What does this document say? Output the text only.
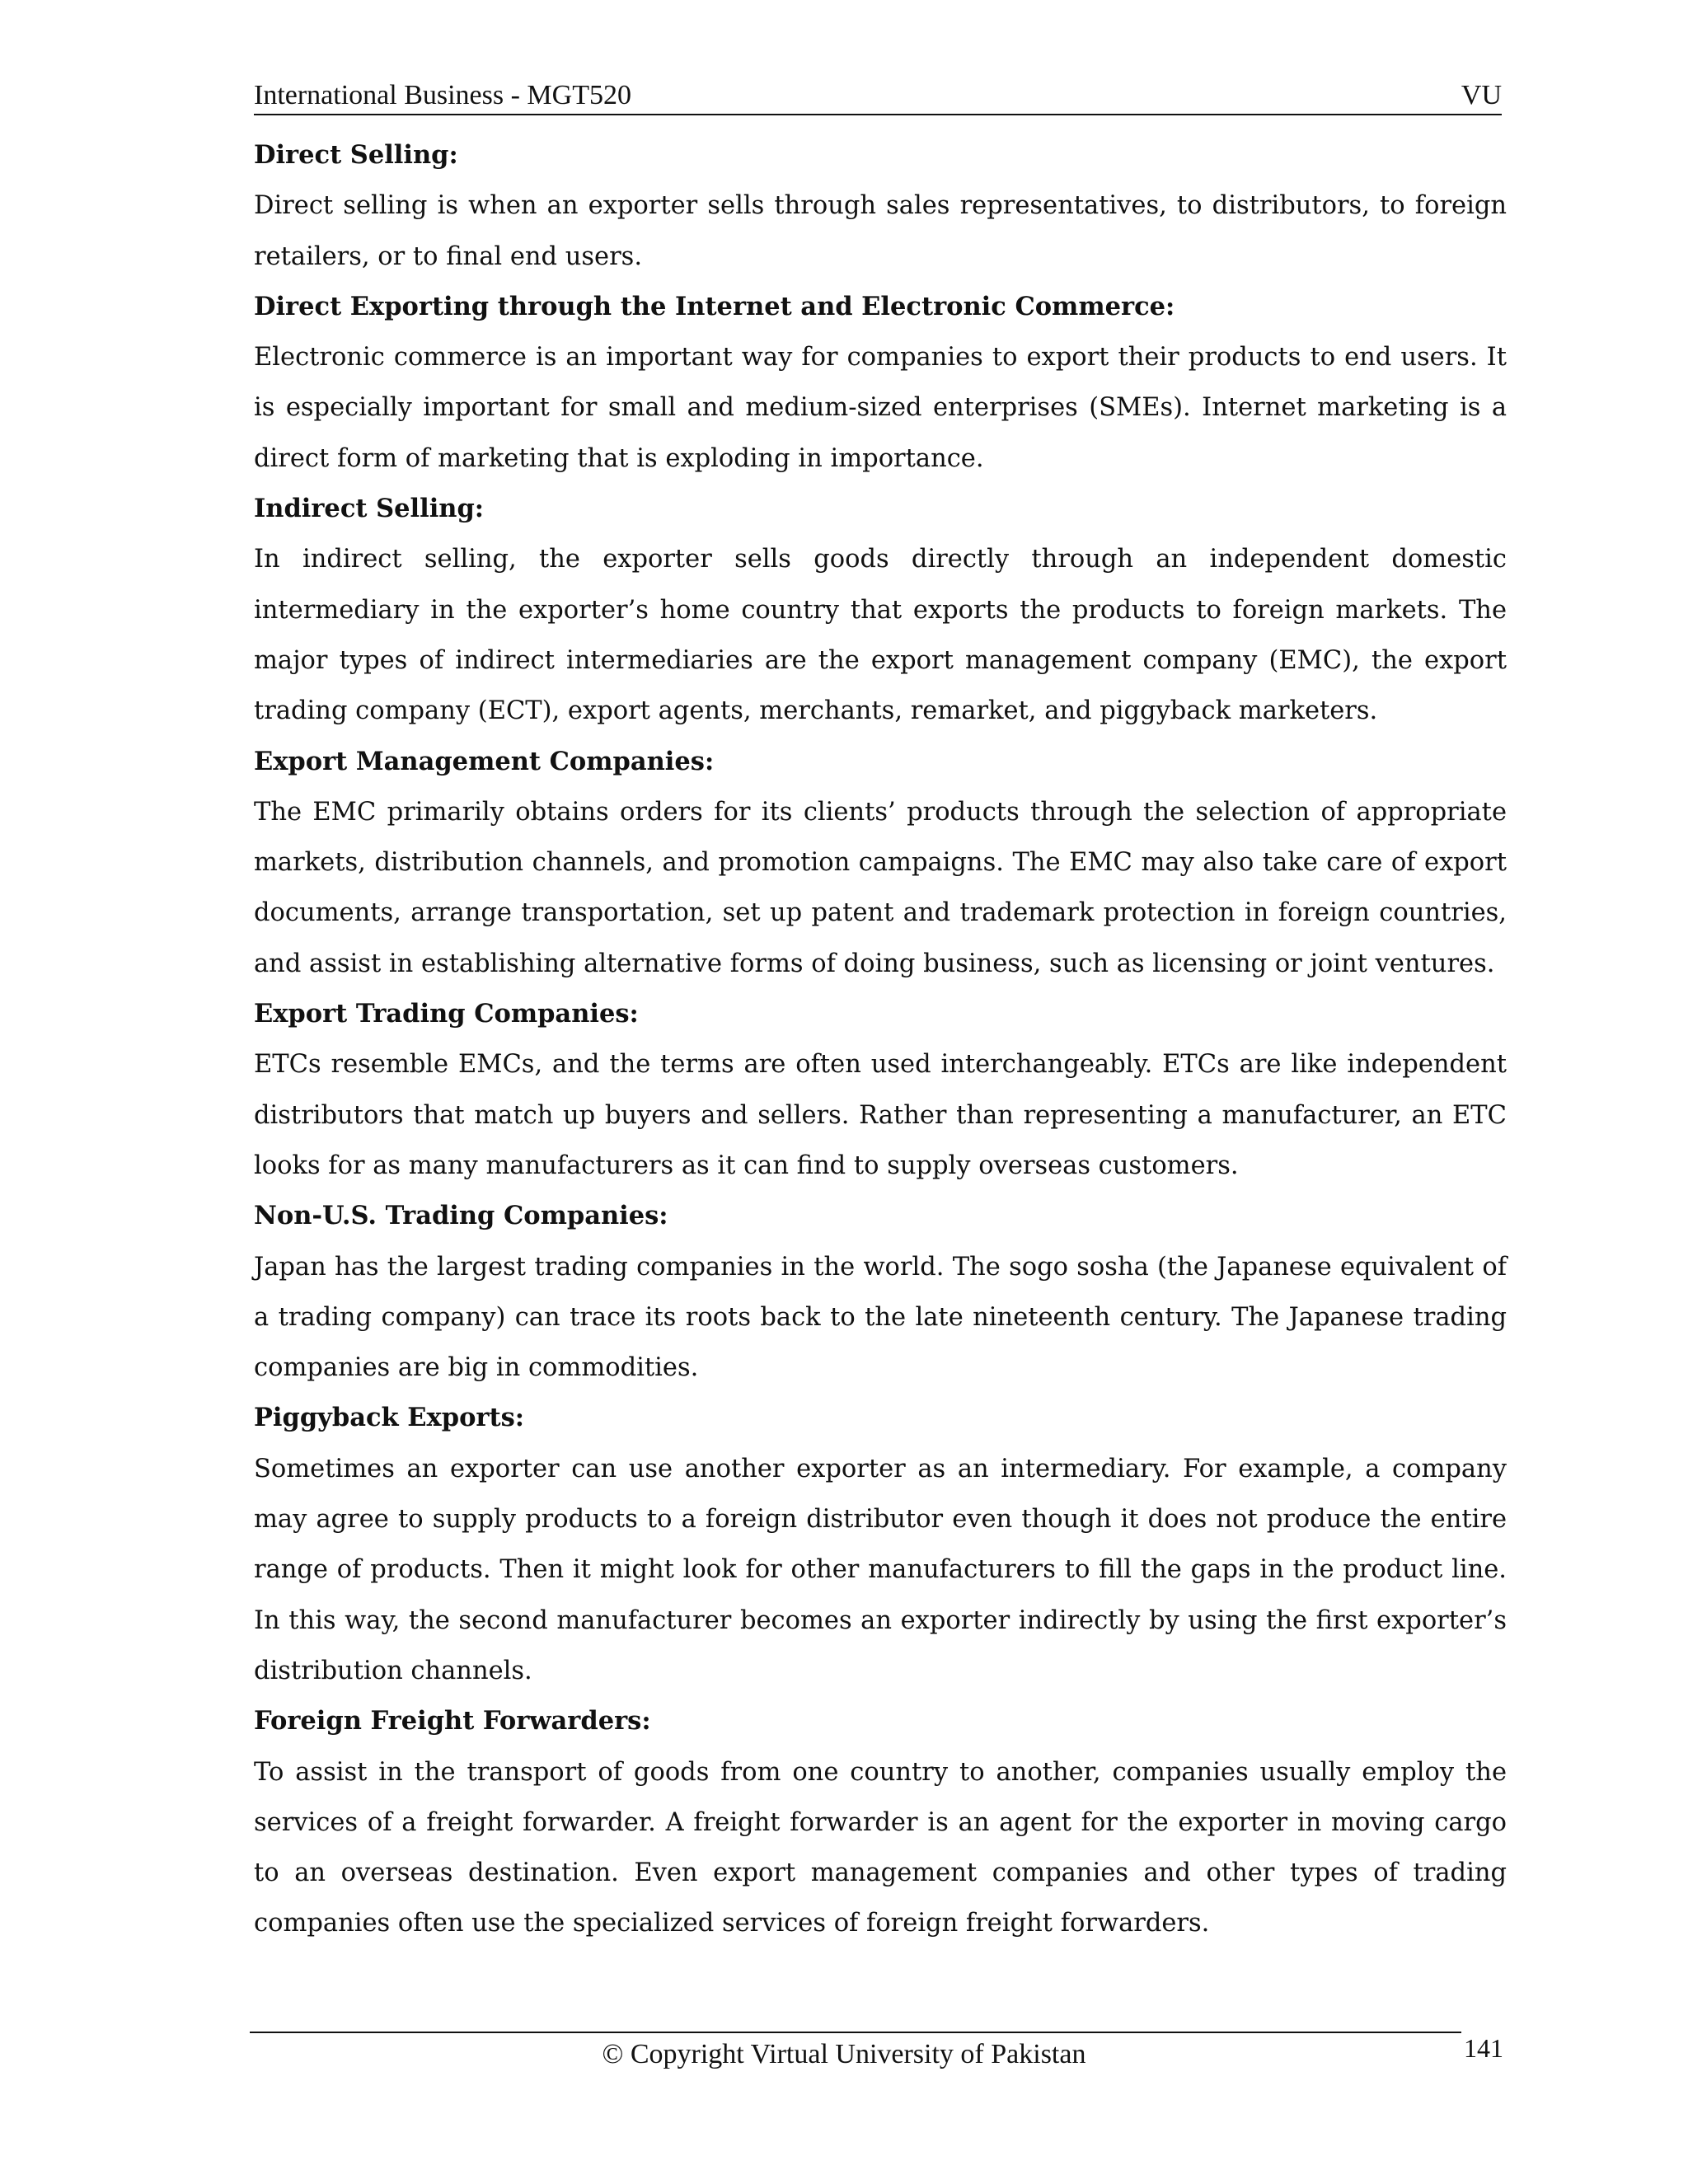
International Business - MGT520	VU
Direct Selling:

Direct selling is when an exporter sells through sales representatives, to distributors, to foreign retailers, or to final end users.

Direct Exporting through the Internet and Electronic Commerce:

Electronic commerce is an important way for companies to export their products to end users. It is especially important for small and medium-sized enterprises (SMEs). Internet marketing is a direct form of marketing that is exploding in importance.

Indirect Selling:

In indirect selling, the exporter sells goods directly through an independent domestic intermediary in the exporter’s home country that exports the products to foreign markets. The major types of indirect intermediaries are the export management company (EMC), the export trading company (ECT), export agents, merchants, remarket, and piggyback marketers.

Export Management Companies:

The EMC primarily obtains orders for its clients’ products through the selection of appropriate markets, distribution channels, and promotion campaigns. The EMC may also take care of export documents, arrange transportation, set up patent and trademark protection in foreign countries, and assist in establishing alternative forms of doing business, such as licensing or joint ventures.

Export Trading Companies:

ETCs resemble EMCs, and the terms are often used interchangeably. ETCs are like independent distributors that match up buyers and sellers. Rather than representing a manufacturer, an ETC looks for as many manufacturers as it can find to supply overseas customers.

Non-U.S. Trading Companies:

Japan has the largest trading companies in the world. The sogo sosha (the Japanese equivalent of a trading company) can trace its roots back to the late nineteenth century. The Japanese trading companies are big in commodities.

Piggyback Exports:

Sometimes an exporter can use another exporter as an intermediary. For example, a company may agree to supply products to a foreign distributor even though it does not produce the entire range of products. Then it might look for other manufacturers to fill the gaps in the product line. In this way, the second manufacturer becomes an exporter indirectly by using the first exporter’s distribution channels.

Foreign Freight Forwarders:

To assist in the transport of goods from one country to another, companies usually employ the services of a freight forwarder. A freight forwarder is an agent for the exporter in moving cargo to an overseas destination. Even export management companies and other types of trading companies often use the specialized services of foreign freight forwarders.

© Copyright Virtual University of Pakistan	141
